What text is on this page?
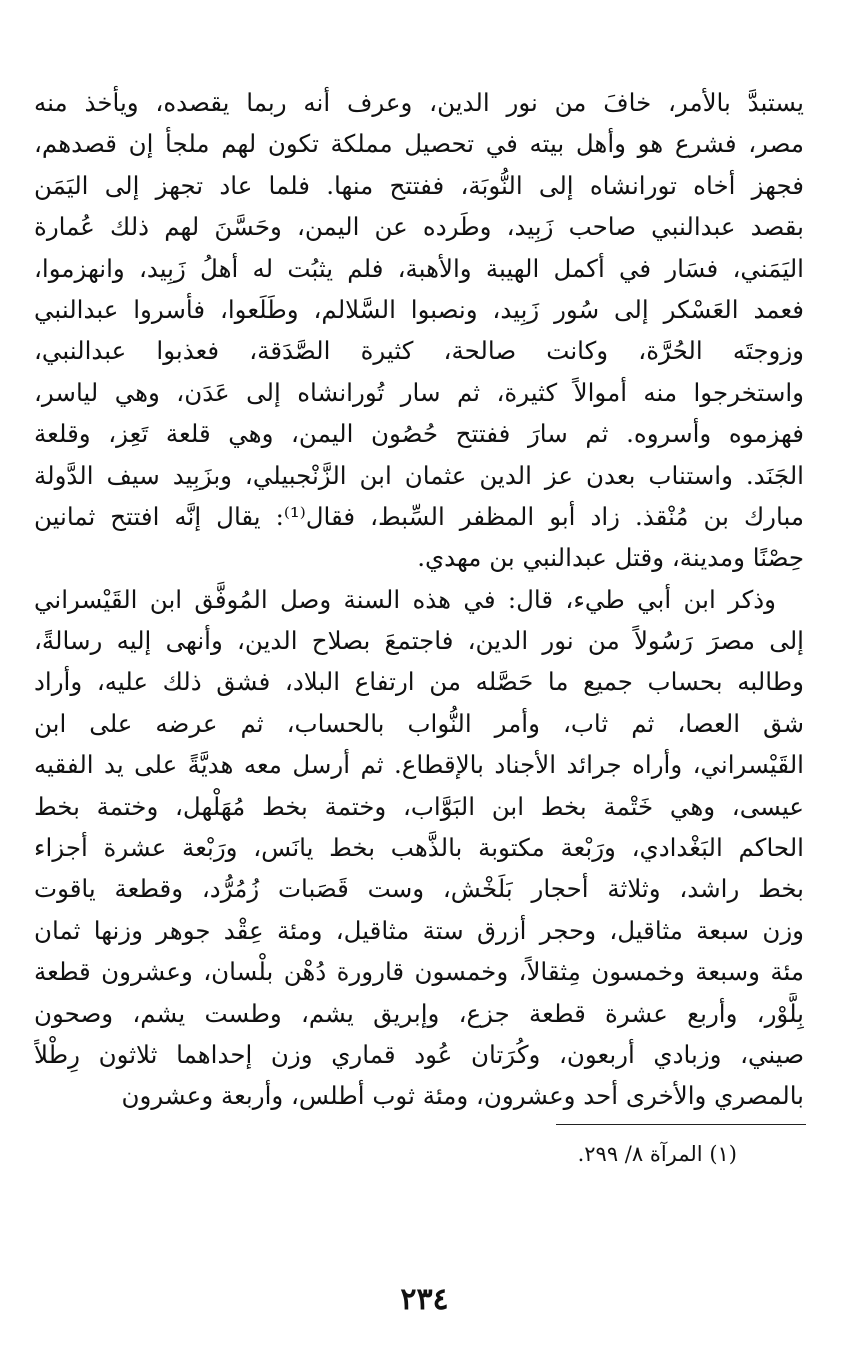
يستبدَّ بالأمر، خافَ من نور الدين، وعرف أنه ربما يقصده، ويأخذ منه
مصر، فشرع هو وأهل بيته في تحصيل مملكة تكون لهم ملجأ إن قصدهم،
فجهز أخاه تورانشاه إلى النُّوبَة، ففتتح منها. فلما عاد تجهز إلى اليَمَن
بقصد عبدالنبي صاحب زَبِيد، وطَرده عن اليمن، وحَسَّنَ لهم ذلك عُمارة
اليَمَني، فسَار في أكمل الهيبة والأهبة، فلم يثبُت له أهلُ زَبِيد، وانهزموا،
فعمد العَسْكر إلى سُور زَبِيد، ونصبوا السَّلالم، وطَلَعوا، فأسروا عبدالنبي
وزوجتَه الحُرَّة، وكانت صالحة، كثيرة الصَّدَقة، فعذبوا عبدالنبي،
واستخرجوا منه أموالاً كثيرة، ثم سار تُورانشاه إلى عَدَن، وهي لياسر،
فهزموه وأسروه. ثم سارَ ففتتح حُصُون اليمن، وهي قلعة تَعِز، وقلعة
الجَنَد. واستناب بعدن عز الدين عثمان ابن الزَّنْجبيلي، وبزَبِيد سيف الدَّولة
مبارك بن مُنْقذ. زاد أبو المظفر السِّبط، فقال⁽¹⁾: يقال إنَّه افتتح ثمانين
حِصْنًا ومدينة، وقتل عبدالنبي بن مهدي.
وذكر ابن أبي طيء، قال: في هذه السنة وصل المُوفَّق ابن القَيْسراني
إلى مصرَ رَسُولاً من نور الدين، فاجتمعَ بصلاح الدين، وأنهى إليه رسالةً،
وطالبه بحساب جميع ما حَصَّله من ارتفاع البلاد، فشق ذلك عليه، وأراد
شق العصا، ثم ثاب، وأمر النُّواب بالحساب، ثم عرضه على ابن
القَيْسراني، وأراه جرائد الأجناد بالإقطاع. ثم أرسل معه هديَّةً على يد الفقيه
عيسى، وهي خَتْمة بخط ابن البَوَّاب، وختمة بخط مُهَلْهل، وختمة بخط
الحاكم البَغْدادي، ورَبْعة مكتوبة بالذَّهب بخط يانَس، ورَبْعة عشرة أجزاء
بخط راشد، وثلاثة أحجار بَلَخْش، وست قَصَبات زُمُرُّد، وقطعة ياقوت
وزن سبعة مثاقيل، وحجر أزرق ستة مثاقيل، ومئة عِقْد جوهر وزنها ثمان
مئة وسبعة وخمسون مِثقالاً، وخمسون قارورة دُهْن بلْسان، وعشرون قطعة
بِلَّوْر، وأربع عشرة قطعة جزع، وإبريق يشم، وطست يشم، وصحون
صيني، وزبادي أربعون، وكُرَتان عُود قماري وزن إحداهما ثلاثون رِطْلاً
بالمصري والأخرى أحد وعشرون، ومئة ثوب أطلس، وأربعة وعشرون
(١) المرآة ٨/ ٢٩٩.
٢٣٤
